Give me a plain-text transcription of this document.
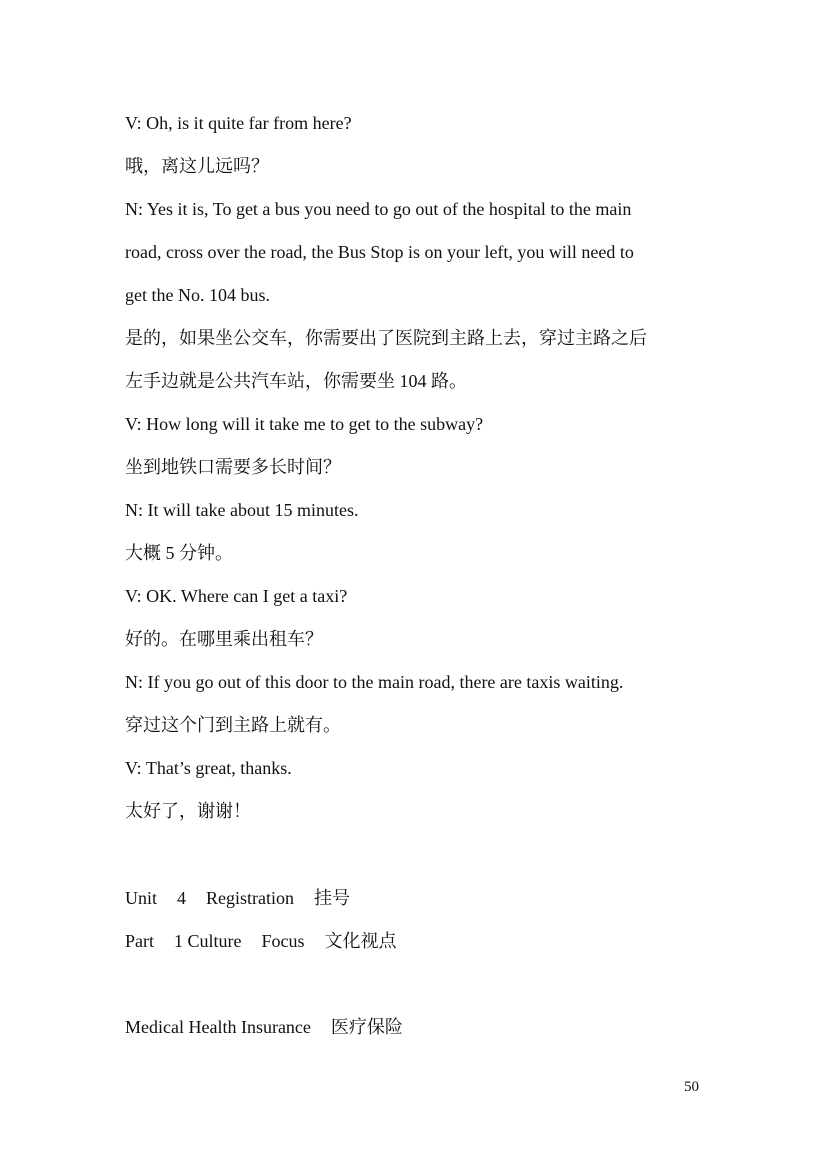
V: Oh, is it quite far from here?
哦，离这儿远吗？
N: Yes it is, To get a bus you need to go out of the hospital to the main
road, cross over the road, the Bus Stop is on your left, you will need to
get the No. 104 bus.
是的，如果坐公交车，你需要出了医院到主路上去，穿过主路之后
左手边就是公共汽车站，你需要坐 104 路。
V: How long will it take me to get to the subway?
坐到地铁口需要多长时间？
N: It will take about 15 minutes.
大概 5 分钟。
V: OK. Where can I get a taxi?
好的。在哪里乘出租车？
N: If you go out of this door to the main road, there are taxis waiting.
穿过这个门到主路上就有。
V: That’s great, thanks.
太好了，谢谢！
Unit 4 Registration 挂号
Part 1 Culture Focus 文化视点
Medical Health Insurance 医疗保险
50
